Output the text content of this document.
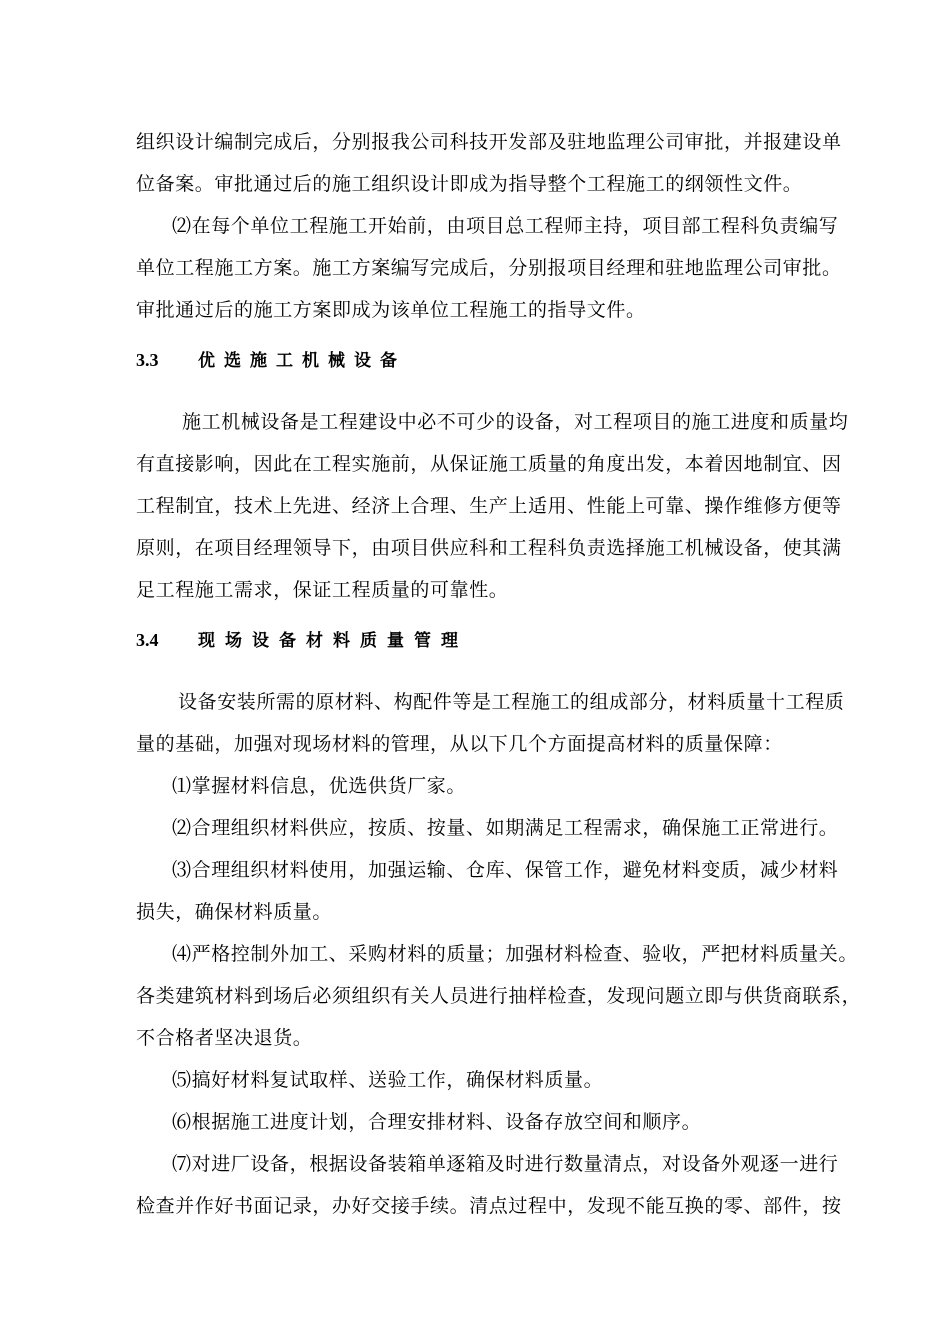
组织设计编制完成后，分别报我公司科技开发部及驻地监理公司审批，并报建设单
位备案。审批通过后的施工组织设计即成为指导整个工程施工的纲领性文件。
⑵在每个单位工程施工开始前，由项目总工程师主持，项目部工程科负责编写
单位工程施工方案。施工方案编写完成后，分别报项目经理和驻地监理公司审批。
审批通过后的施工方案即成为该单位工程施工的指导文件。
3.3 优选施工机械设备
施工机械设备是工程建设中必不可少的设备，对工程项目的施工进度和质量均
有直接影响，因此在工程实施前，从保证施工质量的角度出发，本着因地制宜、因
工程制宜，技术上先进、经济上合理、生产上适用、性能上可靠、操作维修方便等
原则，在项目经理领导下，由项目供应科和工程科负责选择施工机械设备，使其满
足工程施工需求，保证工程质量的可靠性。
3.4 现场设备材料质量管理
设备安装所需的原材料、构配件等是工程施工的组成部分，材料质量十工程质
量的基础，加强对现场材料的管理，从以下几个方面提高材料的质量保障：
⑴掌握材料信息，优选供货厂家。
⑵合理组织材料供应，按质、按量、如期满足工程需求，确保施工正常进行。
⑶合理组织材料使用，加强运输、仓库、保管工作，避免材料变质，减少材料
损失，确保材料质量。
⑷严格控制外加工、采购材料的质量；加强材料检查、验收，严把材料质量关。
各类建筑材料到场后必须组织有关人员进行抽样检查，发现问题立即与供货商联系，
不合格者坚决退货。
⑸搞好材料复试取样、送验工作，确保材料质量。
⑹根据施工进度计划，合理安排材料、设备存放空间和顺序。
⑺对进厂设备，根据设备装箱单逐箱及时进行数量清点，对设备外观逐一进行
检查并作好书面记录，办好交接手续。清点过程中，发现不能互换的零、部件，按
